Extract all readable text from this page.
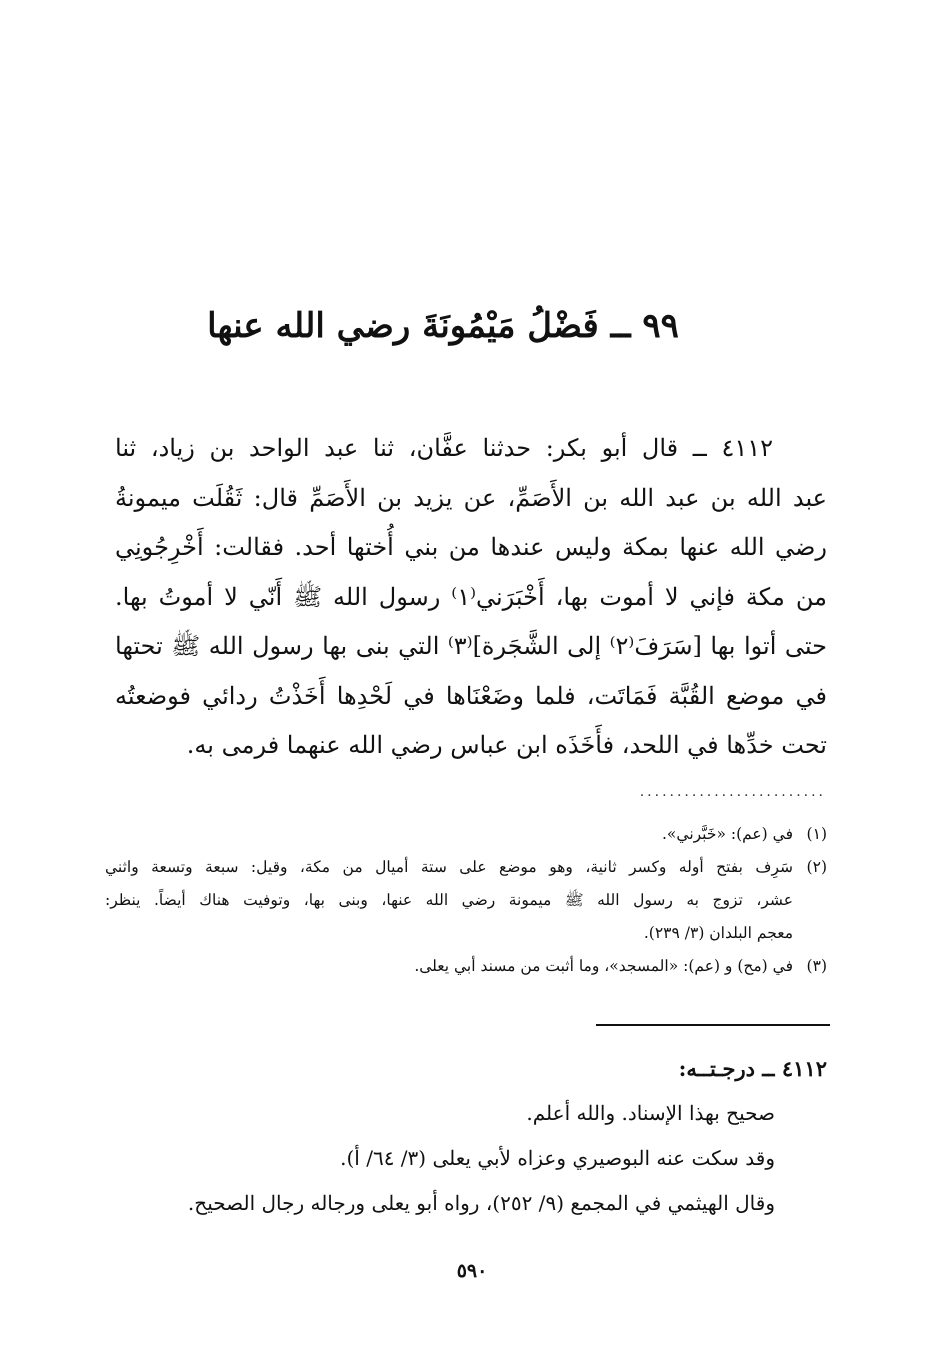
٩٩ ــ فَضْلُ مَيْمُونَةَ رضي الله عنها
٤١١٢ ــ قال أبو بكر: حدثنا عفَّان، ثنا عبد الواحد بن زياد، ثنا
عبد الله بن عبد الله بن الأَصَمِّ، عن يزيد بن الأَصَمِّ قال: ثَقُلَت ميمونةُ
رضي الله عنها بمكة وليس عندها من بني أُختها أحد. فقالت: أَخْرِجُونِي
من مكة فإني لا أموت بها، أَخْبَرَني⁽١⁾ رسول الله ﷺ أَنّي لا أموتُ بها.
حتى أتوا بها [سَرَفَ⁽٢⁾ إلى الشَّجَرة]⁽٣⁾ التي بنى بها رسول الله ﷺ تحتها
في موضع القُبَّة فَمَاتَت، فلما وضَعْنَاها في لَحْدِها أَخَذْتُ ردائي فوضعتُه
تحت خدِّها في اللحد، فأَخَذَه ابن عباس رضي الله عنهما فرمى به.
.........................
(١)
في (عم): «خَبَّرني».
(٢)
سَرِف بفتح أوله وكسر ثانية، وهو موضع على ستة أميال من مكة، وقيل: سبعة وتسعة واثني
عشر، تزوج به رسول الله ﷺ ميمونة رضي الله عنها، وبنى بها، وتوفيت هناك أيضاً. ينظر:
معجم البلدان (٣/ ٢٣٩).
(٣)
في (مح) و (عم): «المسجد»، وما أثبت من مسند أبي يعلى.
٤١١٢ ــ درجـتــه:
صحيح بهذا الإسناد. والله أعلم.
وقد سكت عنه البوصيري وعزاه لأبي يعلى (٣/ ٦٤/ أ).
وقال الهيثمي في المجمع (٩/ ٢٥٢)، رواه أبو يعلى ورجاله رجال الصحيح.
٥٩٠
